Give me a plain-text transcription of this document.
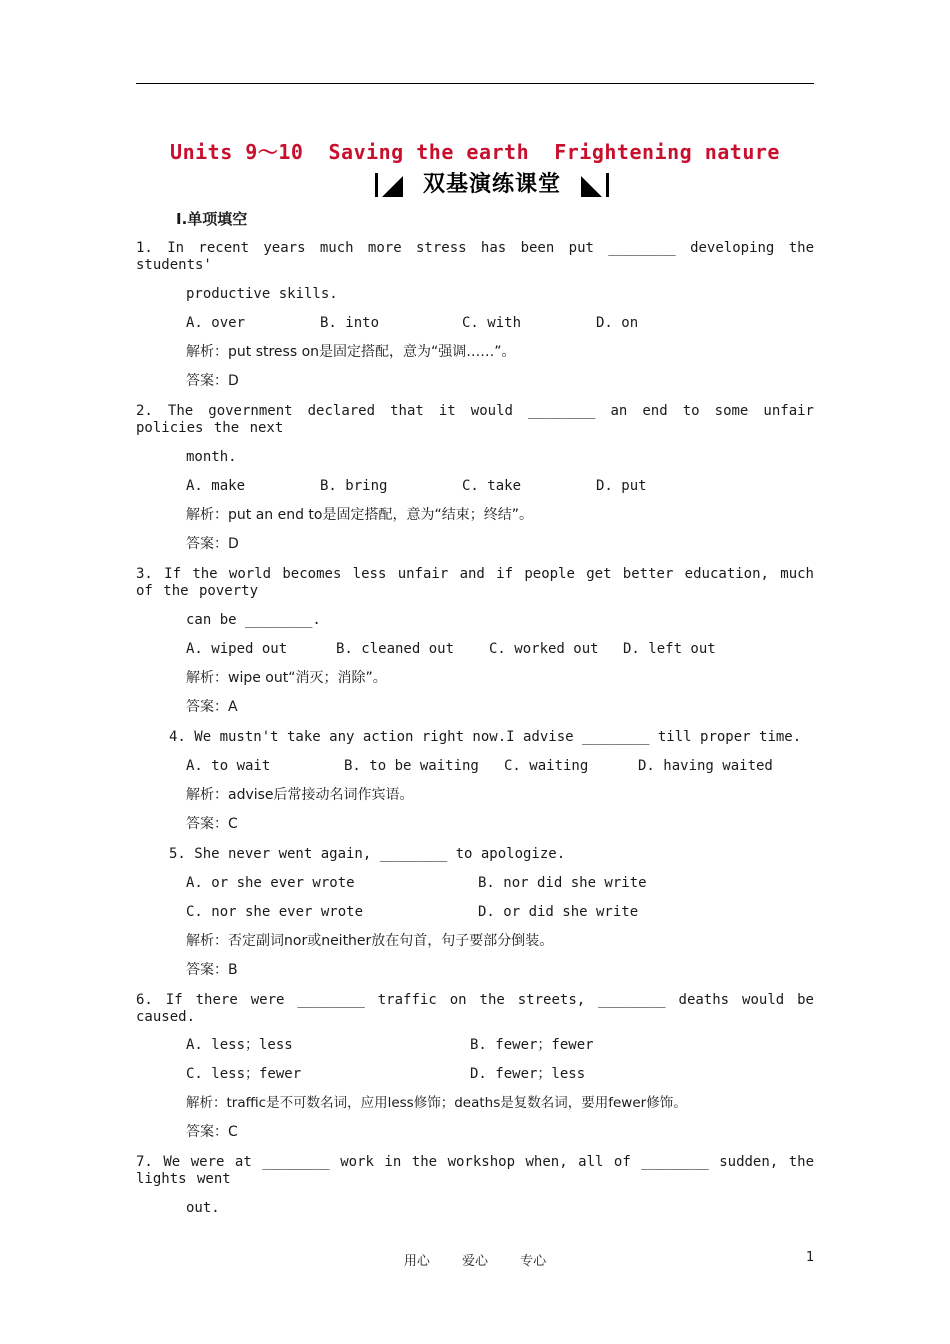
Units 9～10  Saving the earth  Frightening nature
双基演练课堂
Ⅰ.单项填空
1. In recent years much more stress has been put ________ developing the students'
productive skills.
A. over	B. into	C. with	D. on
解析：put stress on是固定搭配，意为“强调……”。
答案：D
2. The government declared that it would ________ an end to some unfair policies the next
month.
A. make	B. bring	C. take	D. put
解析：put an end to是固定搭配，意为“结束；终结”。
答案：D
3. If the world becomes less unfair and if people get better education, much of the poverty
can be ________.
A. wiped out	B. cleaned out C. worked out D. left out
解析：wipe out“消灭；消除”。
答案：A
4. We mustn't take any action right now.I advise ________ till proper time.
A. to wait	B. to be waiting C. waiting	D. having waited
解析：advise后常接动名词作宾语。
答案：C
5. She never went again, ________ to apologize.
A. or she ever wrote	B. nor did she write
C. nor she ever wrote	D. or did she write
解析：否定副词nor或neither放在句首，句子要部分倒装。
答案：B
6. If there were ________ traffic on the streets, ________ deaths would be caused.
A. less；less	B. fewer；fewer
C. less；fewer	D. fewer；less
解析：traffic是不可数名词，应用less修饰；deaths是复数名词，要用fewer修饰。
答案：C
7. We were at ________ work in the workshop when, all of ________ sudden, the lights went
out.
用心 爱心 专心	1
